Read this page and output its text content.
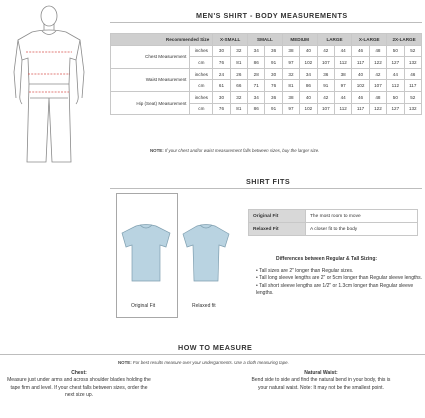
MEN'S SHIRT - BODY MEASUREMENTS
Recommended Size		X-SMALL		SMALL		MEDIUM		LARGE		X-LARGE		2X-LARGE	
Chest Measurement	inches	30	32	34	36	38	40	42	44	46	48	50	52
	cm	76	81	86	91	97	102	107	112	117	122	127	132
Waist Measurement	inches	24	26	28	30	32	34	36	38	40	42	44	46
	cm	61	66	71	76	81	86	91	97	102	107	112	117
Hip (Seat) Measurement	inches	30	32	34	36	38	40	42	44	46	48	50	52
	cm	76	81	86	91	97	102	107	112	117	122	127	132
NOTE: If your chest and/or waist measurement falls between sizes, buy the larger size.
SHIRT FITS
Original Fit	Relaxed fit
Original Fit	The most room to move
Relaxed Fit	A closer fit to the body
Differences between Regular & Tall Sizing:
• Tall sizes are 2" longer than Regular sizes.
• Tall long sleeve lengths are 2" or 5cm longer than Regular sleeve lengths.
• Tall short sleeve lengths are 1/2" or 1.3cm longer than Regular sleeve lengths.
HOW TO MEASURE
NOTE: For best results measure over your undergarments. Use a cloth measuring tape.
Chest:
Measure just under arms and across shoulder blades holding the
tape firm and level. If your chest falls between sizes, order the
next size up.
Natural Waist:
Bend side to side and find the natural bend in your body, this is
your natural waist. Note: It may not be the smallest point.
